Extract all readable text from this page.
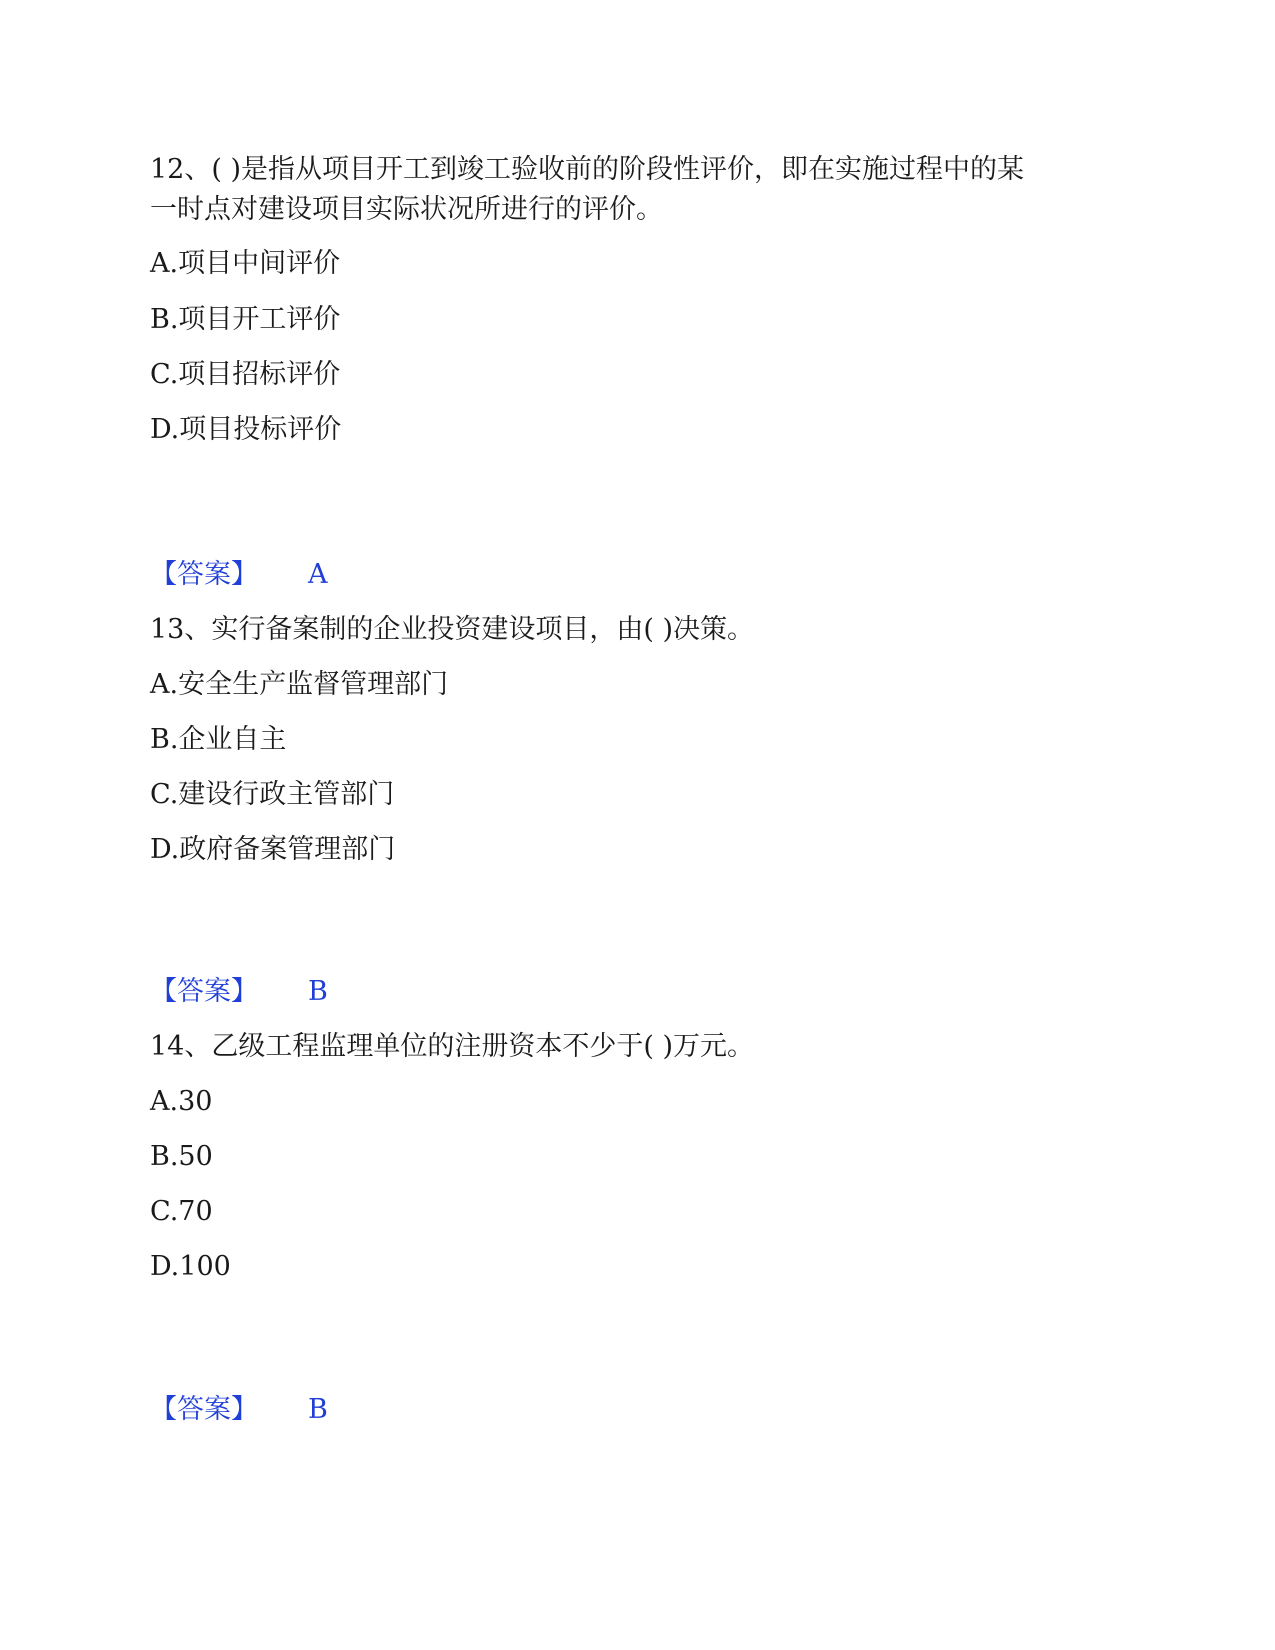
12、( )是指从项目开工到竣工验收前的阶段性评价，即在实施过程中的某
一时点对建设项目实际状况所进行的评价。
A.项目中间评价
B.项目开工评价
C.项目招标评价
D.项目投标评价
【答案】 A
13、实行备案制的企业投资建设项目，由( )决策。
A.安全生产监督管理部门
B.企业自主
C.建设行政主管部门
D.政府备案管理部门
【答案】 B
14、乙级工程监理单位的注册资本不少于( )万元。
A.30
B.50
C.70
D.100
【答案】 B
